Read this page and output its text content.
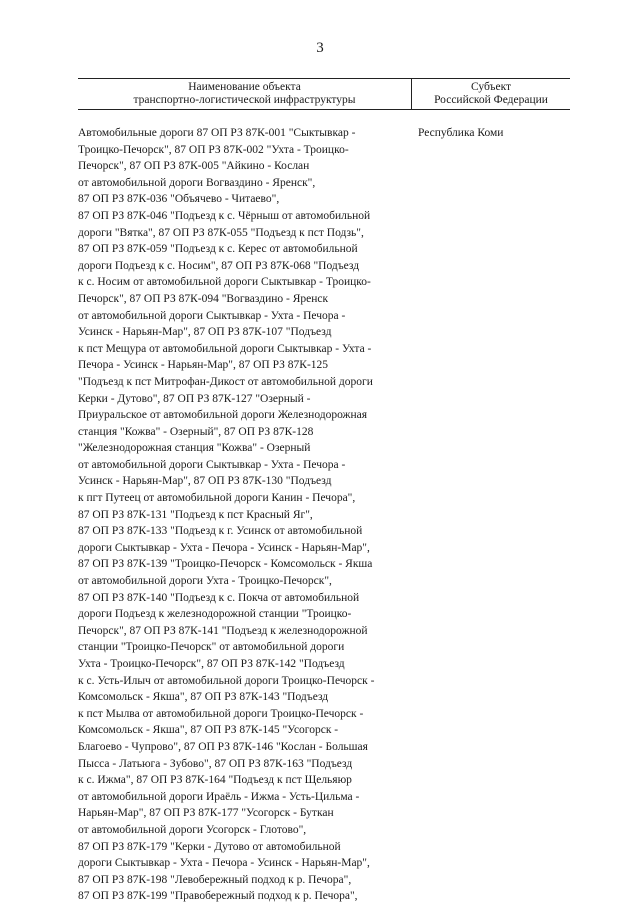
3
Наименование объекта
транспортно-логистической инфраструктуры
Субъект
Российской Федерации
Автомобильные дороги 87 ОП РЗ 87К-001 "Сыктывкар -
Троицко-Печорск", 87 ОП РЗ 87К-002 "Ухта - Троицко-
Печорск", 87 ОП РЗ 87К-005 "Айкино - Кослан
от автомобильной дороги Вогваздино - Яренск",
87 ОП РЗ 87К-036 "Объячево - Читаево",
87 ОП РЗ 87К-046 "Подъезд к с. Чёрныш от автомобильной
дороги "Вятка", 87 ОП РЗ 87К-055 "Подъезд к пст Подзь",
87 ОП РЗ 87К-059 "Подъезд к с. Керес от автомобильной
дороги Подъезд к с. Носим", 87 ОП РЗ 87К-068 "Подъезд
к с. Носим от автомобильной дороги Сыктывкар - Троицко-
Печорск", 87 ОП РЗ 87К-094 "Вогваздино - Яренск
от автомобильной дороги Сыктывкар - Ухта - Печора -
Усинск - Нарьян-Мар", 87 ОП РЗ 87К-107 "Подъезд
к пст Мещура от автомобильной дороги Сыктывкар - Ухта -
Печора - Усинск - Нарьян-Мар", 87 ОП РЗ 87К-125
"Подъезд к пст Митрофан-Дикост от автомобильной дороги
Керки - Дутово", 87 ОП РЗ 87К-127 "Озерный -
Приуральское от автомобильной дороги Железнодорожная
станция "Кожва" - Озерный", 87 ОП РЗ 87К-128
"Железнодорожная станция "Кожва" - Озерный
от автомобильной дороги Сыктывкар - Ухта - Печора -
Усинск - Нарьян-Мар", 87 ОП РЗ 87К-130 "Подъезд
к пгт Путеец от автомобильной дороги Канин - Печора",
87 ОП РЗ 87К-131 "Подъезд к пст Красный Яг",
87 ОП РЗ 87К-133 "Подъезд к г. Усинск от автомобильной
дороги Сыктывкар - Ухта - Печора - Усинск - Нарьян-Мар",
87 ОП РЗ 87К-139 "Троицко-Печорск - Комсомольск - Якша
от автомобильной дороги Ухта - Троицко-Печорск",
87 ОП РЗ 87К-140 "Подъезд к с. Покча от автомобильной
дороги Подъезд к железнодорожной станции "Троицко-
Печорск", 87 ОП РЗ 87К-141 "Подъезд к железнодорожной
станции "Троицко-Печорск" от автомобильной дороги
Ухта - Троицко-Печорск", 87 ОП РЗ 87К-142 "Подъезд
к с. Усть-Илыч от автомобильной дороги Троицко-Печорск -
Комсомольск - Якша", 87 ОП РЗ 87К-143 "Подъезд
к пст Мылва от автомобильной дороги Троицко-Печорск -
Комсомольск - Якша", 87 ОП РЗ 87К-145 "Усогорск -
Благоево - Чупрово", 87 ОП РЗ 87К-146 "Кослан - Большая
Пысса - Латьюга - Зубово", 87 ОП РЗ 87К-163 "Подъезд
к с. Ижма", 87 ОП РЗ 87К-164 "Подъезд к пст Щельяюр
от автомобильной дороги Ираёль - Ижма - Усть-Цильма -
Нарьян-Мар", 87 ОП РЗ 87К-177 "Усогорск - Буткан
от автомобильной дороги Усогорск - Глотово",
87 ОП РЗ 87К-179 "Керки - Дутово от автомобильной
дороги Сыктывкар - Ухта - Печора - Усинск - Нарьян-Мар",
87 ОП РЗ 87К-198 "Левобережный подход к р. Печора",
87 ОП РЗ 87К-199 "Правобережный подход к р. Печора",
Республика Коми
